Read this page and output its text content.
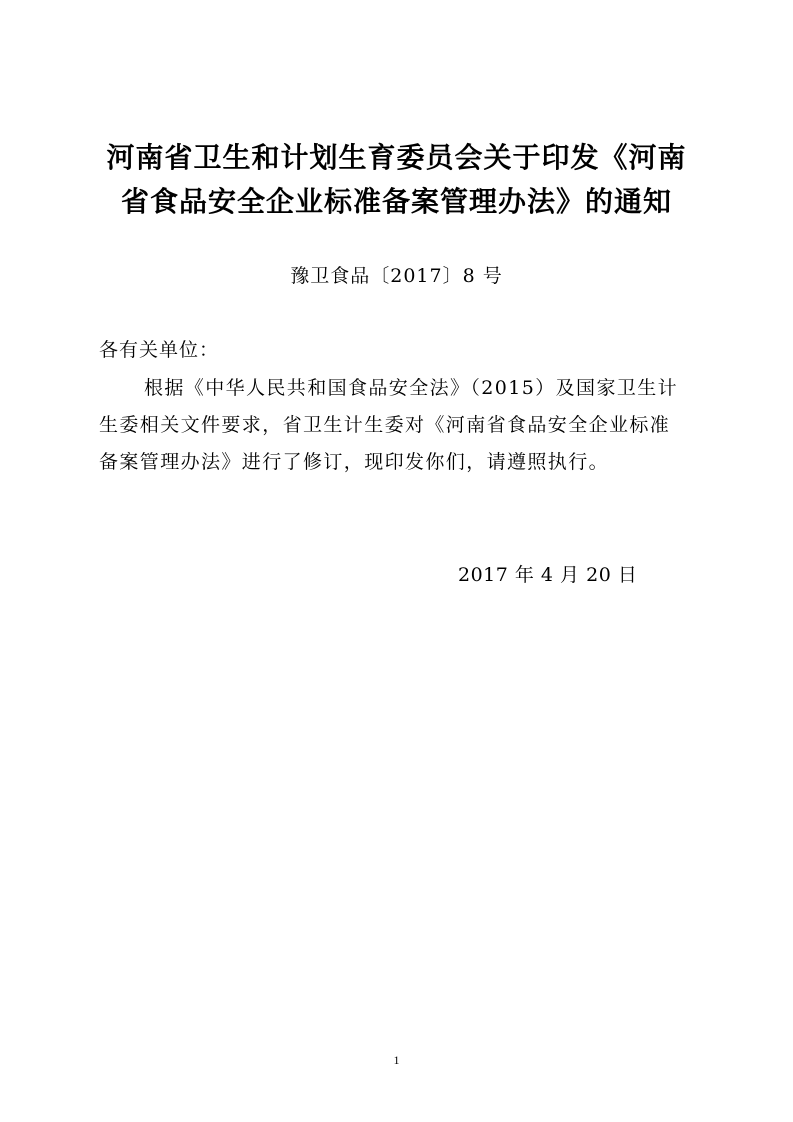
河南省卫生和计划生育委员会关于印发《河南
省食品安全企业标准备案管理办法》的通知
豫卫食品〔2017〕8 号
各有关单位：
根据《中华人民共和国食品安全法》（2015）及国家卫生计
生委相关文件要求，省卫生计生委对《河南省食品安全企业标准
备案管理办法》进行了修订，现印发你们，请遵照执行。
2017 年 4 月 20 日
1
